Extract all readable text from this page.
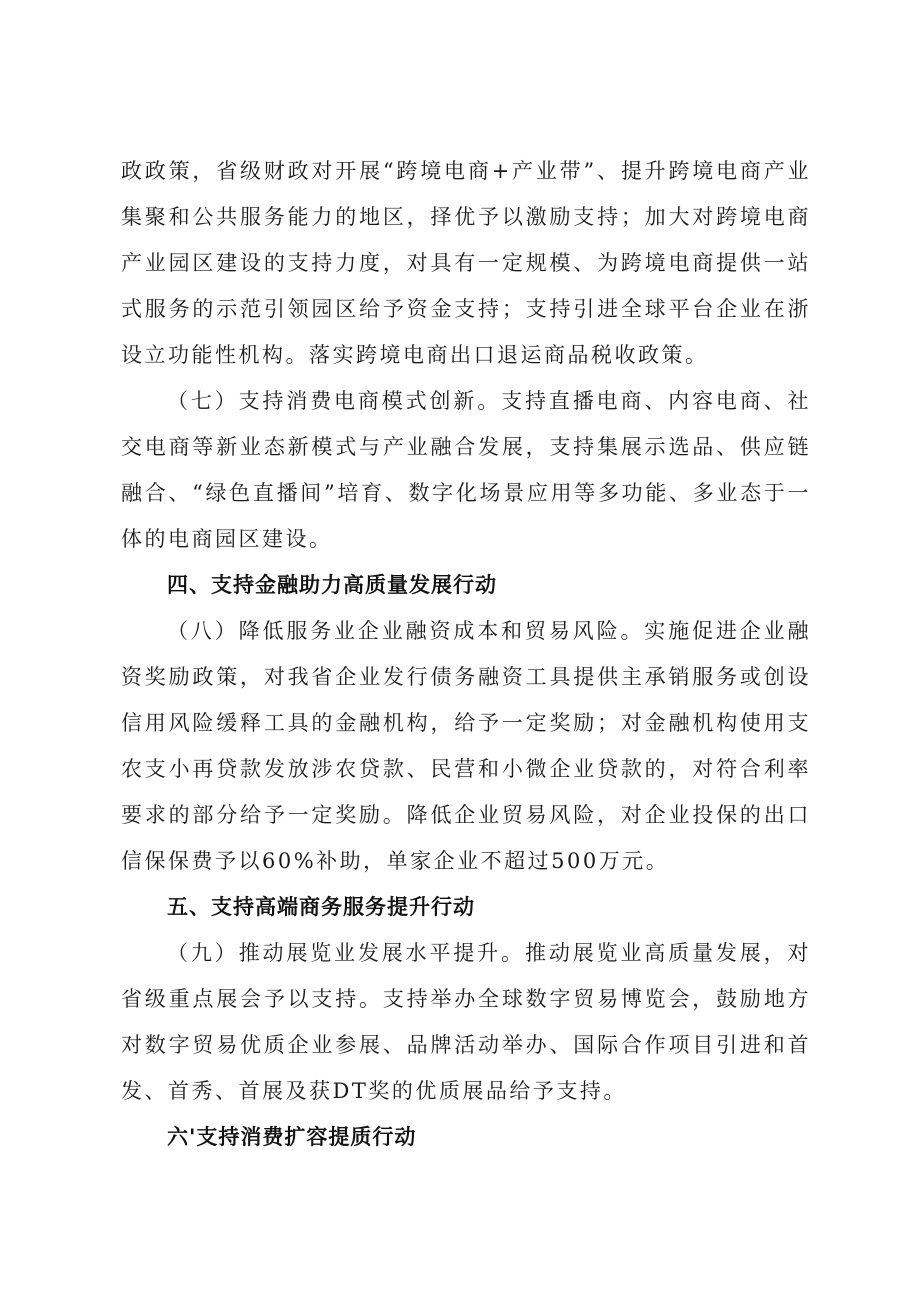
政政策，省级财政对开展“跨境电商+产业带”、提升跨境电商产业集聚和公共服务能力的地区，择优予以激励支持；加大对跨境电商产业园区建设的支持力度，对具有一定规模、为跨境电商提供一站式服务的示范引领园区给予资金支持；支持引进全球平台企业在浙设立功能性机构。落实跨境电商出口退运商品税收政策。

（七）支持消费电商模式创新。支持直播电商、内容电商、社交电商等新业态新模式与产业融合发展，支持集展示选品、供应链融合、“绿色直播间”培育、数字化场景应用等多功能、多业态于一体的电商园区建设。

四、支持金融助力高质量发展行动

（八）降低服务业企业融资成本和贸易风险。实施促进企业融资奖励政策，对我省企业发行债务融资工具提供主承销服务或创设信用风险缓释工具的金融机构，给予一定奖励；对金融机构使用支农支小再贷款发放涉农贷款、民营和小微企业贷款的，对符合利率要求的部分给予一定奖励。降低企业贸易风险，对企业投保的出口信保保费予以60%补助，单家企业不超过500万元。

五、支持高端商务服务提升行动

（九）推动展览业发展水平提升。推动展览业高质量发展，对省级重点展会予以支持。支持举办全球数字贸易博览会，鼓励地方对数字贸易优质企业参展、品牌活动举办、国际合作项目引进和首发、首秀、首展及获DT奖的优质展品给予支持。

六'支持消费扩容提质行动
